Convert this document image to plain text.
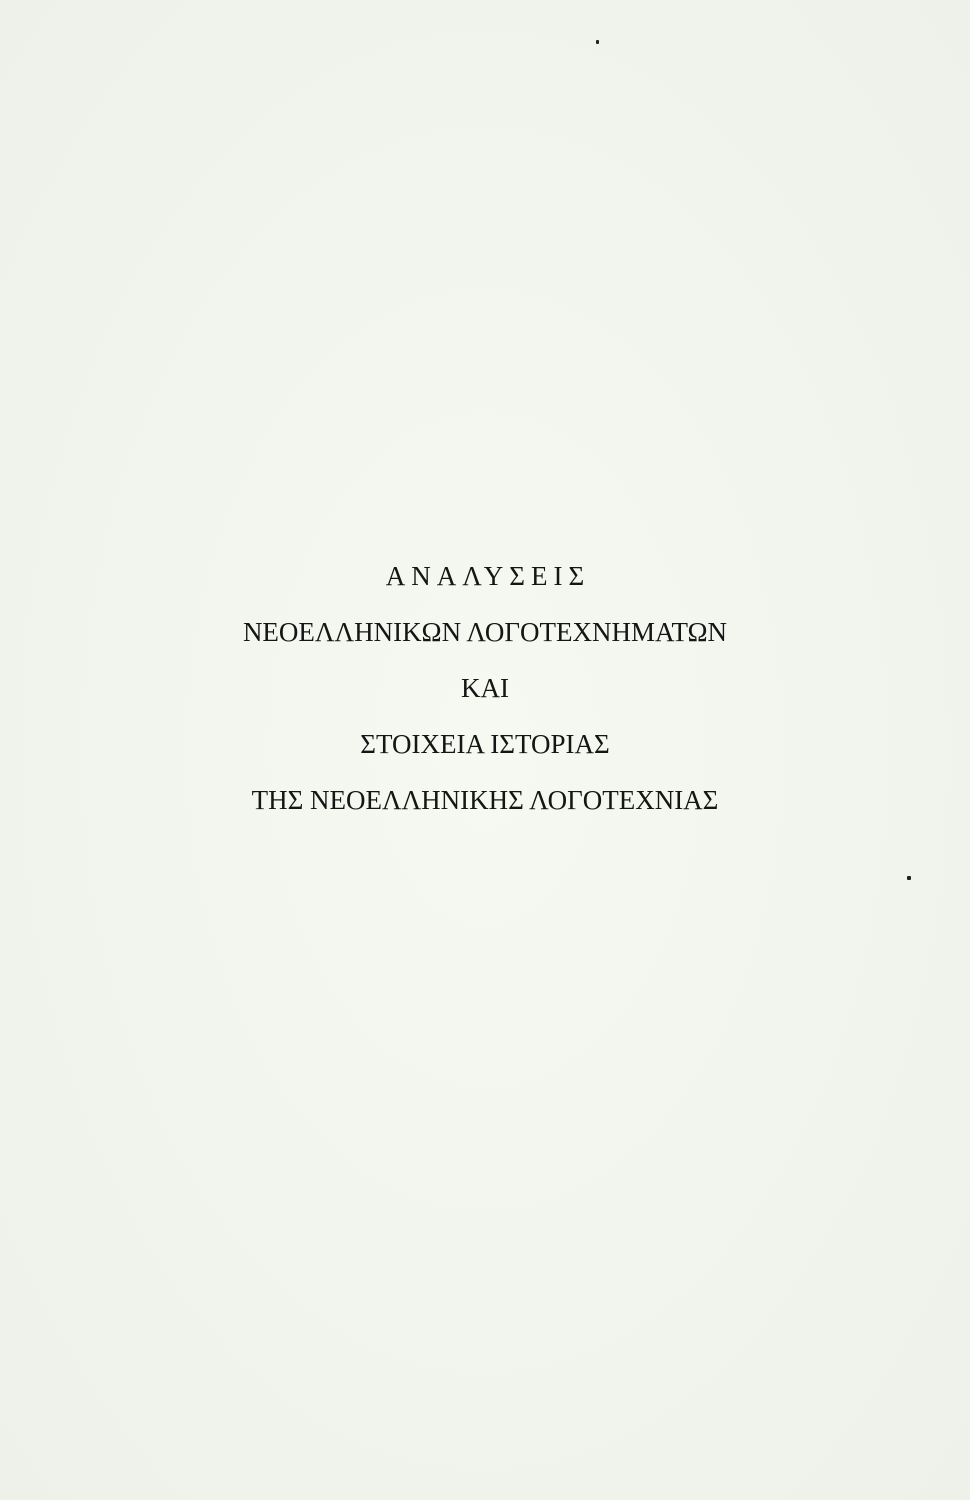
ΑΝΑΛΥΣΕΙΣ
ΝΕΟΕΛΛΗΝΙΚΩΝ ΛΟΓΟΤΕΧΝΗΜΑΤΩΝ
ΚΑΙ
ΣΤΟΙΧΕΙΑ ΙΣΤΟΡΙΑΣ
ΤΗΣ ΝΕΟΕΛΛΗΝΙΚΗΣ ΛΟΓΟΤΕΧΝΙΑΣ
